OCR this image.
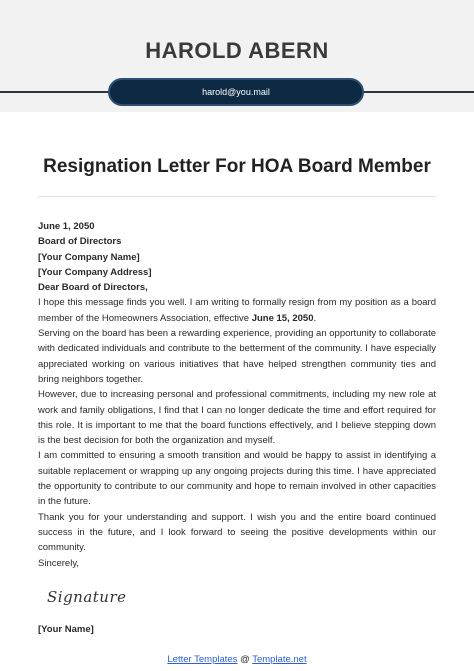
HAROLD ABERN
harold@you.mail
Resignation Letter For HOA Board Member

June 1, 2050

Board of Directors

[Your Company Name]

[Your Company Address]

Dear Board of Directors,

I hope this message finds you well. I am writing to formally resign from my position as a board member of the Homeowners Association, effective June 15, 2050.

Serving on the board has been a rewarding experience, providing an opportunity to collaborate with dedicated individuals and contribute to the betterment of the community. I have especially appreciated working on various initiatives that have helped strengthen community ties and bring neighbors together.

However, due to increasing personal and professional commitments, including my new role at work and family obligations, I find that I can no longer dedicate the time and effort required for this role. It is important to me that the board functions effectively, and I believe stepping down is the best decision for both the organization and myself.

I am committed to ensuring a smooth transition and would be happy to assist in identifying a suitable replacement or wrapping up any ongoing projects during this time. I have appreciated the opportunity to contribute to our community and hope to remain involved in other capacities in the future.

Thank you for your understanding and support. I wish you and the entire board continued success in the future, and I look forward to seeing the positive developments within our community.

Sincerely,

Signature
[Your Name]
Letter Templates @ Template.net
